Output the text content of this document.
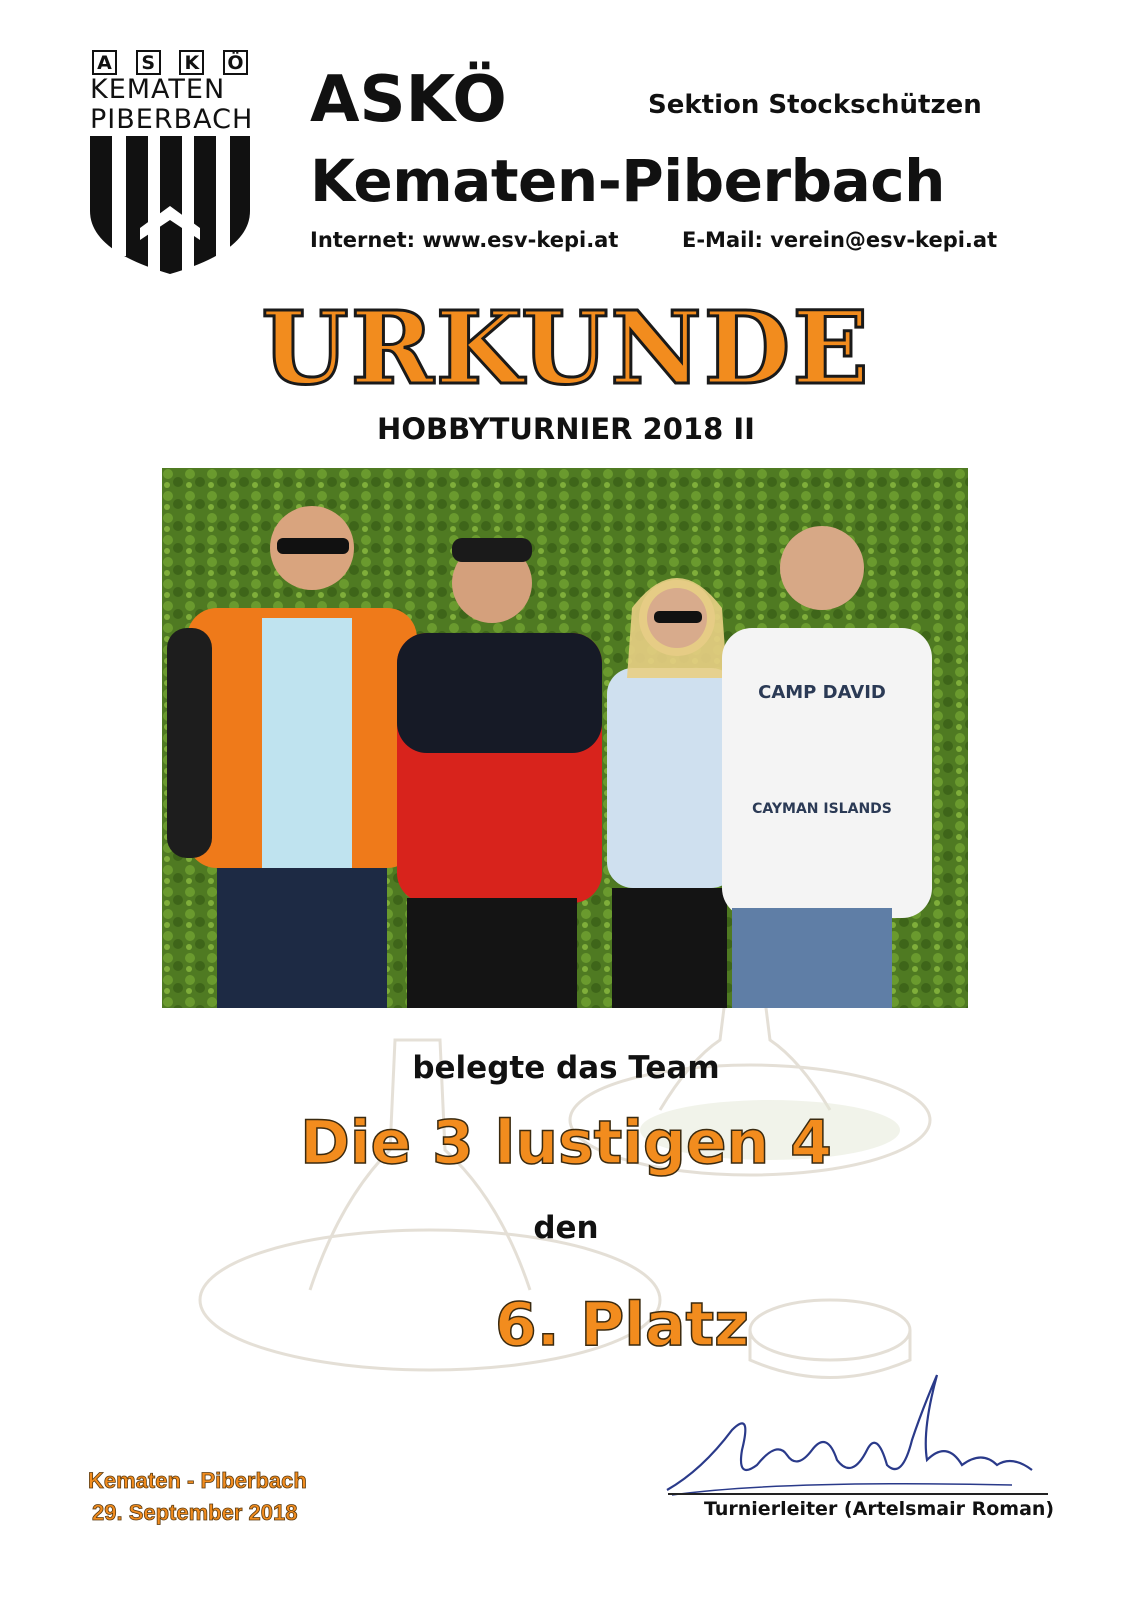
A S K Ö
KEMATEN
PIBERBACH ASKÖ	Sektion Stockschützen
Kematen-Piberbach
Internet: www.esv-kepi.at	E-Mail: verein@esv-kepi.at
URKUNDE
HOBBYTURNIER 2018 II
CAMP DAVID
CAYMAN ISLANDS
belegte das Team
Die 3 lustigen 4
den
6. Platz
Kematen - Piberbach
29. September 2018	Turnierleiter (Artelsmair Roman)
